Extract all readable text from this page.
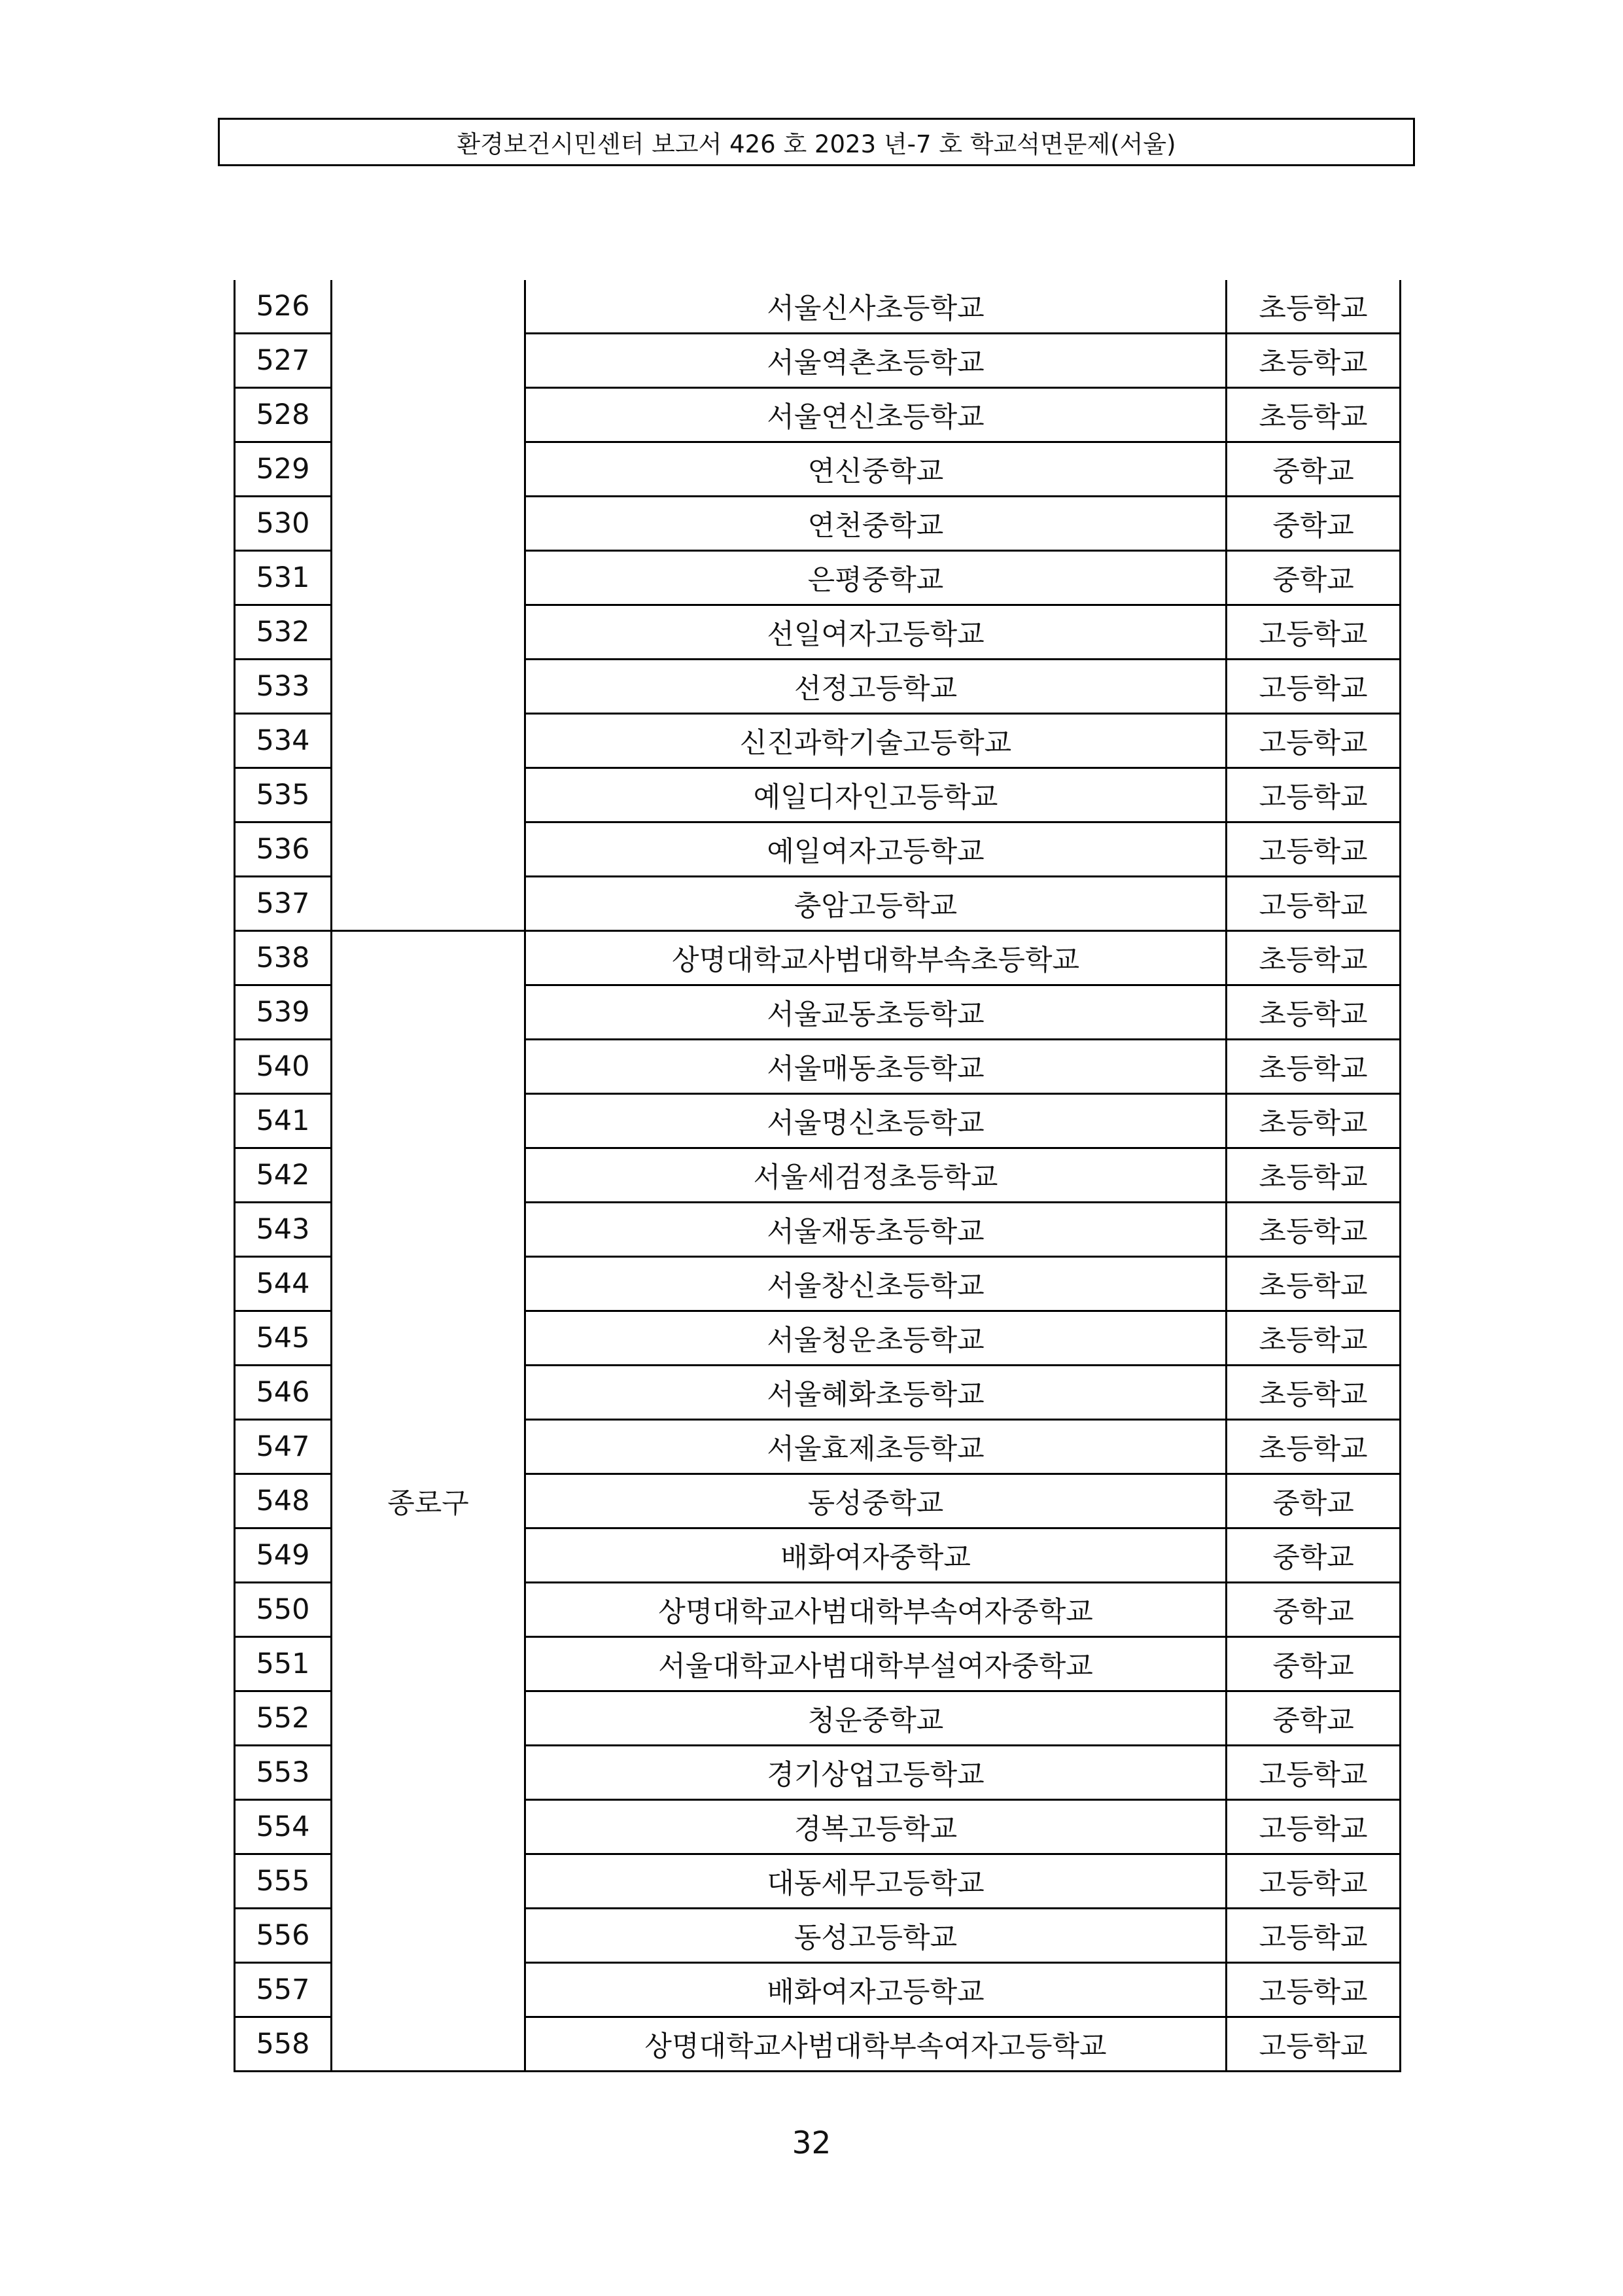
환경보건시민센터 보고서 426 호 2023 년-7 호 학교석면문제(서울)
526		서울신사초등학교	초등학교
527		서울역촌초등학교	초등학교
528		서울연신초등학교	초등학교
529		연신중학교	중학교
530		연천중학교	중학교
531		은평중학교	중학교
532		선일여자고등학교	고등학교
533		선정고등학교	고등학교
534		신진과학기술고등학교	고등학교
535		예일디자인고등학교	고등학교
536		예일여자고등학교	고등학교
537		충암고등학교	고등학교
538	종로구	상명대학교사범대학부속초등학교	초등학교
539		서울교동초등학교	초등학교
540		서울매동초등학교	초등학교
541		서울명신초등학교	초등학교
542		서울세검정초등학교	초등학교
543		서울재동초등학교	초등학교
544		서울창신초등학교	초등학교
545		서울청운초등학교	초등학교
546		서울혜화초등학교	초등학교
547		서울효제초등학교	초등학교
548		동성중학교	중학교
549		배화여자중학교	중학교
550		상명대학교사범대학부속여자중학교	중학교
551		서울대학교사범대학부설여자중학교	중학교
552		청운중학교	중학교
553		경기상업고등학교	고등학교
554		경복고등학교	고등학교
555		대동세무고등학교	고등학교
556		동성고등학교	고등학교
557		배화여자고등학교	고등학교
558		상명대학교사범대학부속여자고등학교	고등학교
32
